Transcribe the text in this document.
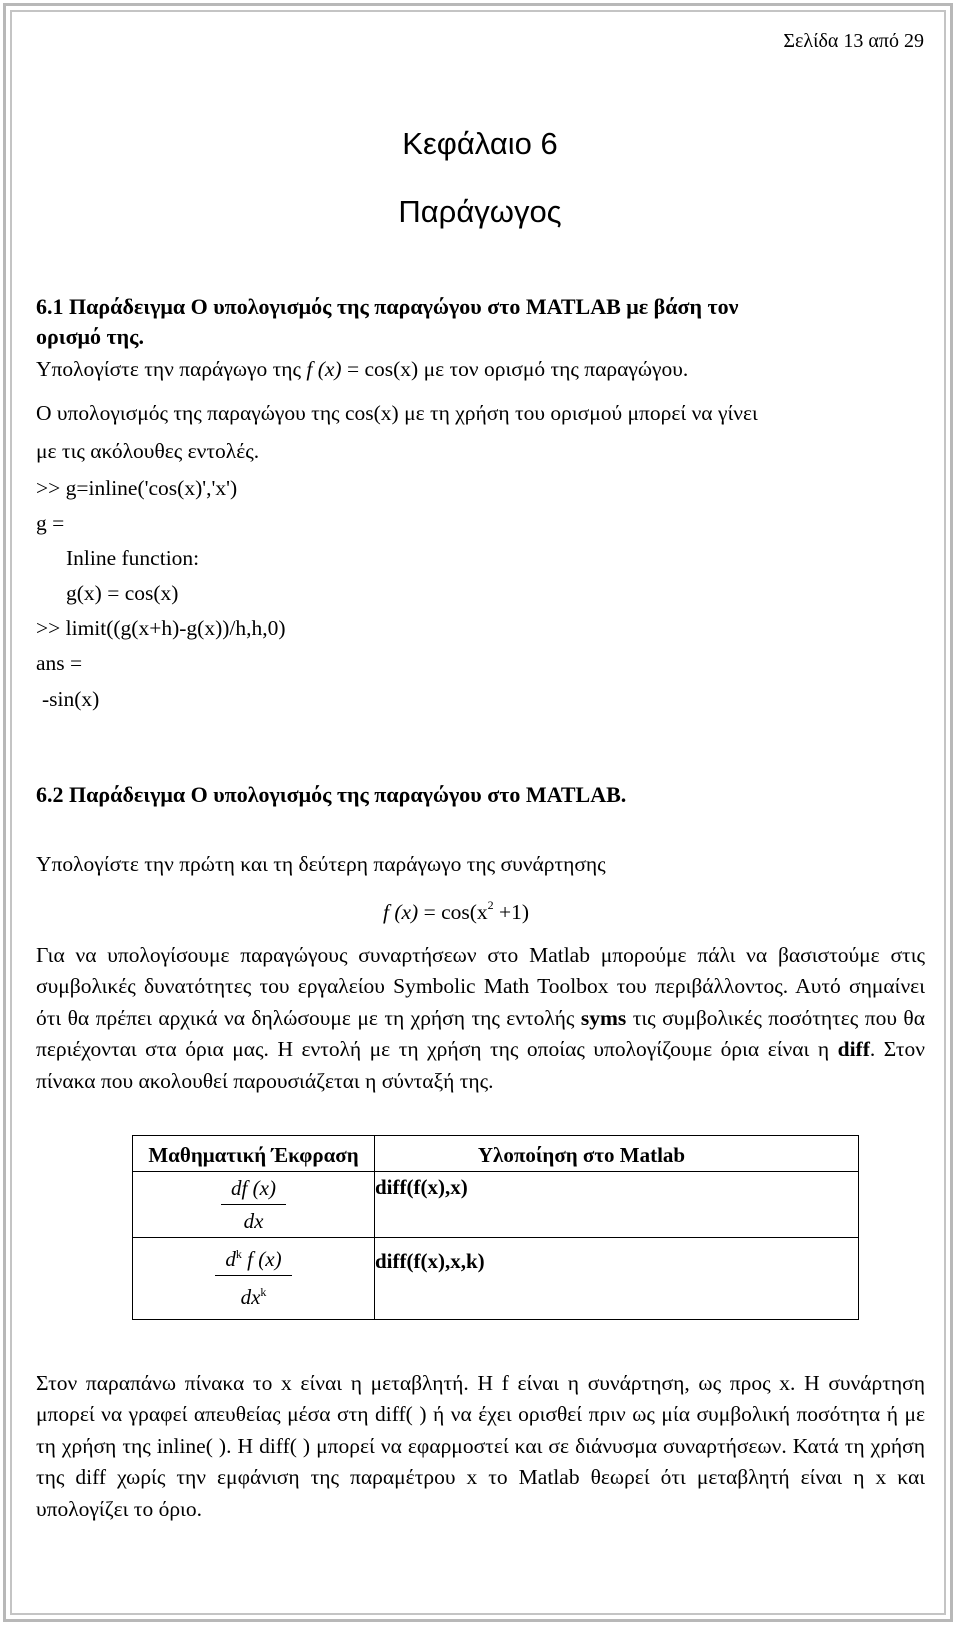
Σελίδα 13 από 29
Κεφάλαιο 6
Παράγωγος
6.1 Παράδειγμα Ο υπολογισμός της παραγώγου στο MATLAB με βάση τον
ορισμό της.
Υπολογίστε την παράγωγο της f (x) = cos(x) με τον ορισμό της παραγώγου.
Ο υπολογισμός της παραγώγου της cos(x) με τη χρήση του ορισμού μπορεί να γίνει
με τις ακόλουθες εντολές.
>> g=inline('cos(x)','x')
g =
Inline function:
g(x) = cos(x)
>> limit((g(x+h)-g(x))/h,h,0)
ans =
-sin(x)
6.2 Παράδειγμα Ο υπολογισμός της παραγώγου στο MATLAB.
Υπολογίστε την πρώτη και τη δεύτερη παράγωγο της συνάρτησης
f $(x) = \cos(x^2 +1)$
Για να υπολογίσουμε παραγώγους συναρτήσεων στο Matlab μπορούμε πάλι να βασιστούμε στις συμβολικές δυνατότητες του εργαλείου Symbolic Math Toolbox του περιβάλλοντος. Αυτό σημαίνει ότι θα πρέπει αρχικά να δηλώσουμε με τη χρήση της εντολής syms τις συμβολικές ποσότητες που θα περιέχονται στα όρια μας. Η εντολή με τη χρήση της οποίας υπολογίζουμε όρια είναι η diff. Στον πίνακα που ακολουθεί παρουσιάζεται η σύνταξή της.
Μαθηματική Έκφραση	Υλοποίηση στο Matlab

$\frac{df (x)}{dx}$	diff(f(x),x)

$\frac{d^k f (x)}{dx^k}$	diff(f(x),x,k)
Στον παραπάνω πίνακα το x είναι η μεταβλητή. Η f είναι η συνάρτηση, ως προς x. Η συνάρτηση μπορεί να γραφεί απευθείας μέσα στη diff( ) ή να έχει ορισθεί πριν ως μία συμβολική ποσότητα ή με τη χρήση της inline( ). Η diff( ) μπορεί να εφαρμοστεί και σε διάνυσμα συναρτήσεων. Κατά τη χρήση της diff χωρίς την εμφάνιση της παραμέτρου x το Matlab θεωρεί ότι μεταβλητή είναι η x και υπολογίζει το όριο.
